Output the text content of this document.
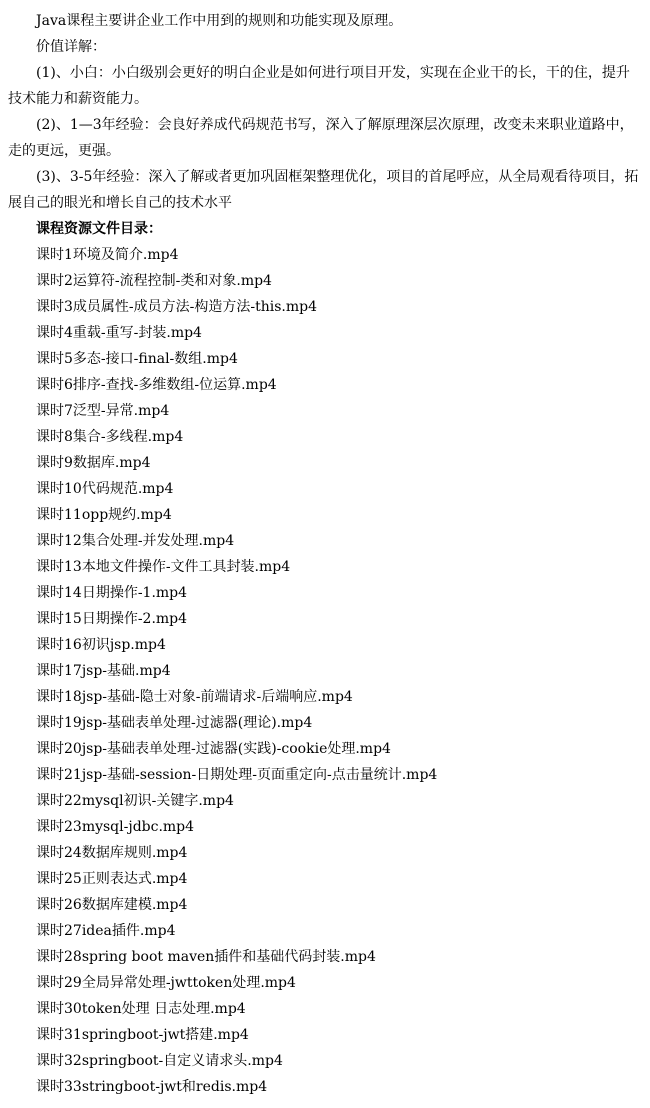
Java课程主要讲企业工作中用到的规则和功能实现及原理。

价值详解：

(1)、小白：小白级别会更好的明白企业是如何进行项目开发，实现在企业干的长，干的住，提升技术能力和薪资能力。

(2)、1—3年经验：会良好养成代码规范书写，深入了解原理深层次原理，改变未来职业道路中，走的更远，更强。

(3)、3-5年经验：深入了解或者更加巩固框架整理优化，项目的首尾呼应，从全局观看待项目，拓展自己的眼光和增长自己的技术水平

课程资源文件目录：

课时1环境及简介.mp4
课时2运算符-流程控制-类和对象.mp4
课时3成员属性-成员方法-构造方法-this.mp4
课时4重载-重写-封装.mp4
课时5多态-接口-final-数组.mp4
课时6排序-查找-多维数组-位运算.mp4
课时7泛型-异常.mp4
课时8集合-多线程.mp4
课时9数据库.mp4
课时10代码规范.mp4
课时11opp规约.mp4
课时12集合处理-并发处理.mp4
课时13本地文件操作-文件工具封装.mp4
课时14日期操作-1.mp4
课时15日期操作-2.mp4
课时16初识jsp.mp4
课时17jsp-基础.mp4
课时18jsp-基础-隐士对象-前端请求-后端响应.mp4
课时19jsp-基础表单处理-过滤器(理论).mp4
课时20jsp-基础表单处理-过滤器(实践)-cookie处理.mp4
课时21jsp-基础-session-日期处理-页面重定向-点击量统计.mp4
课时22mysql初识-关键字.mp4
课时23mysql-jdbc.mp4
课时24数据库规则.mp4
课时25正则表达式.mp4
课时26数据库建模.mp4
课时27idea插件.mp4
课时28spring boot maven插件和基础代码封装.mp4
课时29全局异常处理-jwttoken处理.mp4
课时30token处理 日志处理.mp4
课时31springboot-jwt搭建.mp4
课时32springboot-自定义请求头.mp4
课时33stringboot-jwt和redis.mp4
